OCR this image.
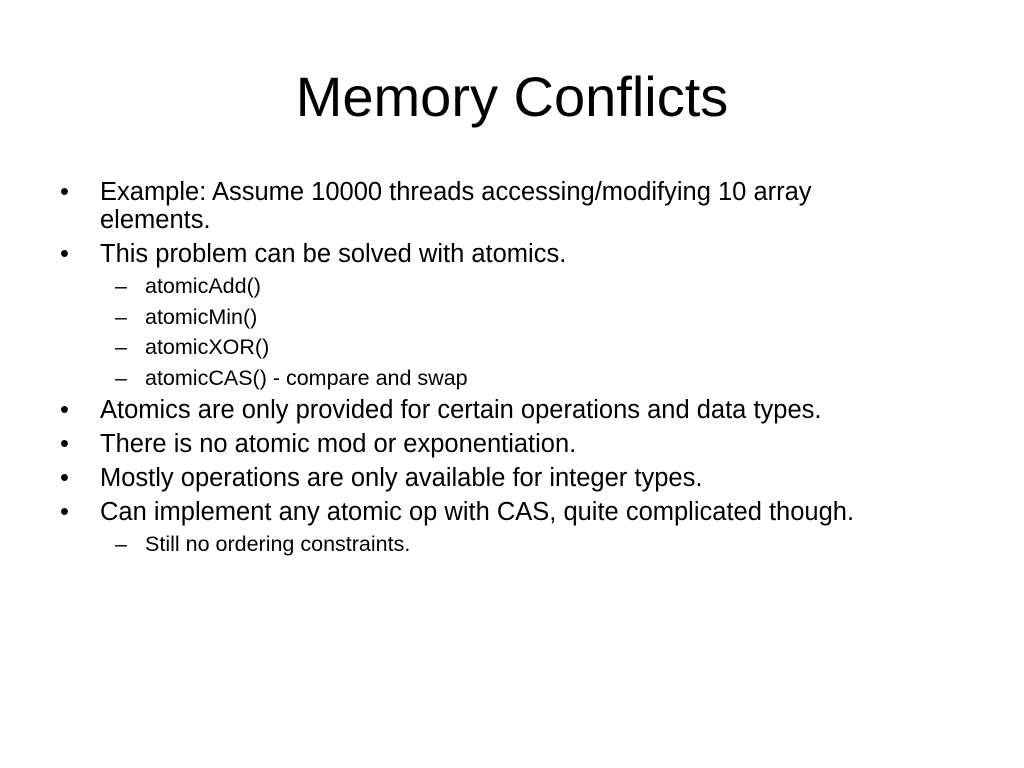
Memory Conflicts
• Example: Assume 10000 threads accessing/modifying 10 array elements.
• This problem can be solved with atomics.
– atomicAdd()
– atomicMin()
– atomicXOR()
– atomicCAS() - compare and swap
• Atomics are only provided for certain operations and data types.
• There is no atomic mod or exponentiation.
• Mostly operations are only available for integer types.
• Can implement any atomic op with CAS, quite complicated though.
– Still no ordering constraints.
